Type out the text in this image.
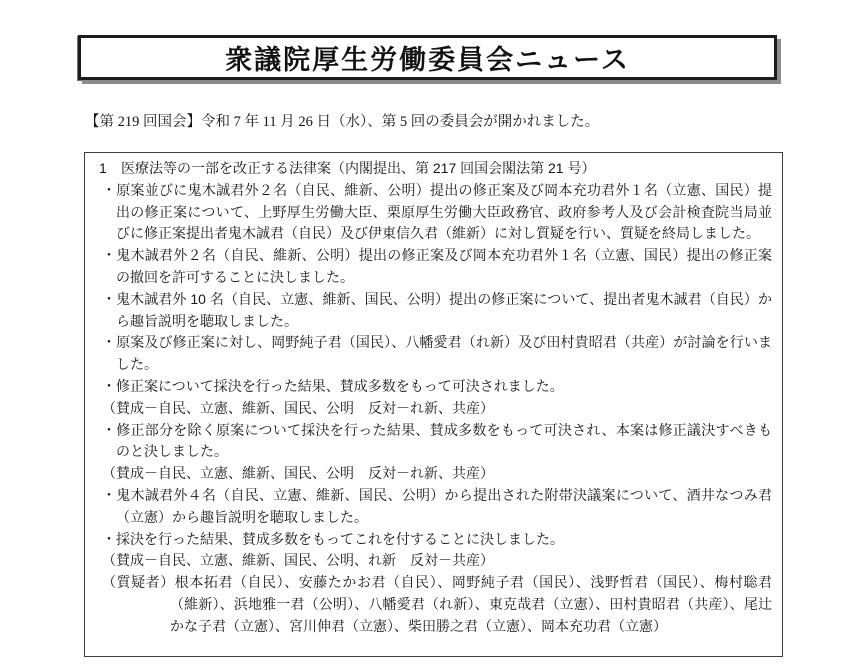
衆議院厚生労働委員会ニュース
【第 219 回国会】令和 7 年 11 月 26 日（水）、第 5 回の委員会が開かれました。

1 医療法等の一部を改正する法律案（内閣提出、第 217 回国会閣法第 21 号）

・原案並びに鬼木誠君外２名（自民、維新、公明）提出の修正案及び岡本充功君外１名（立憲、国民）提出の修正案について、上野厚生労働大臣、栗原厚生労働大臣政務官、政府参考人及び会計検査院当局並びに修正案提出者鬼木誠君（自民）及び伊東信久君（維新）に対し質疑を行い、質疑を終局しました。

・鬼木誠君外２名（自民、維新、公明）提出の修正案及び岡本充功君外１名（立憲、国民）提出の修正案の撤回を許可することに決しました。

・鬼木誠君外 10 名（自民、立憲、維新、国民、公明）提出の修正案について、提出者鬼木誠君（自民）から趣旨説明を聴取しました。

・原案及び修正案に対し、岡野純子君（国民）、八幡愛君（れ新）及び田村貴昭君（共産）が討論を行いました。

・修正案について採決を行った結果、賛成多数をもって可決されました。

（賛成－自民、立憲、維新、国民、公明　反対－れ新、共産）

・修正部分を除く原案について採決を行った結果、賛成多数をもって可決され、本案は修正議決すべきものと決しました。

（賛成－自民、立憲、維新、国民、公明　反対－れ新、共産）

・鬼木誠君外４名（自民、立憲、維新、国民、公明）から提出された附帯決議案について、酒井なつみ君（立憲）から趣旨説明を聴取しました。

・採決を行った結果、賛成多数をもってこれを付することに決しました。

（賛成－自民、立憲、維新、国民、公明、れ新　反対－共産）

（質疑者）根本拓君（自民）、安藤たかお君（自民）、岡野純子君（国民）、浅野哲君（国民）、梅村聡君（維新）、浜地雅一君（公明）、八幡愛君（れ新）、東克哉君（立憲）、田村貴昭君（共産）、尾辻かな子君（立憲）、宮川伸君（立憲）、柴田勝之君（立憲）、岡本充功君（立憲）
